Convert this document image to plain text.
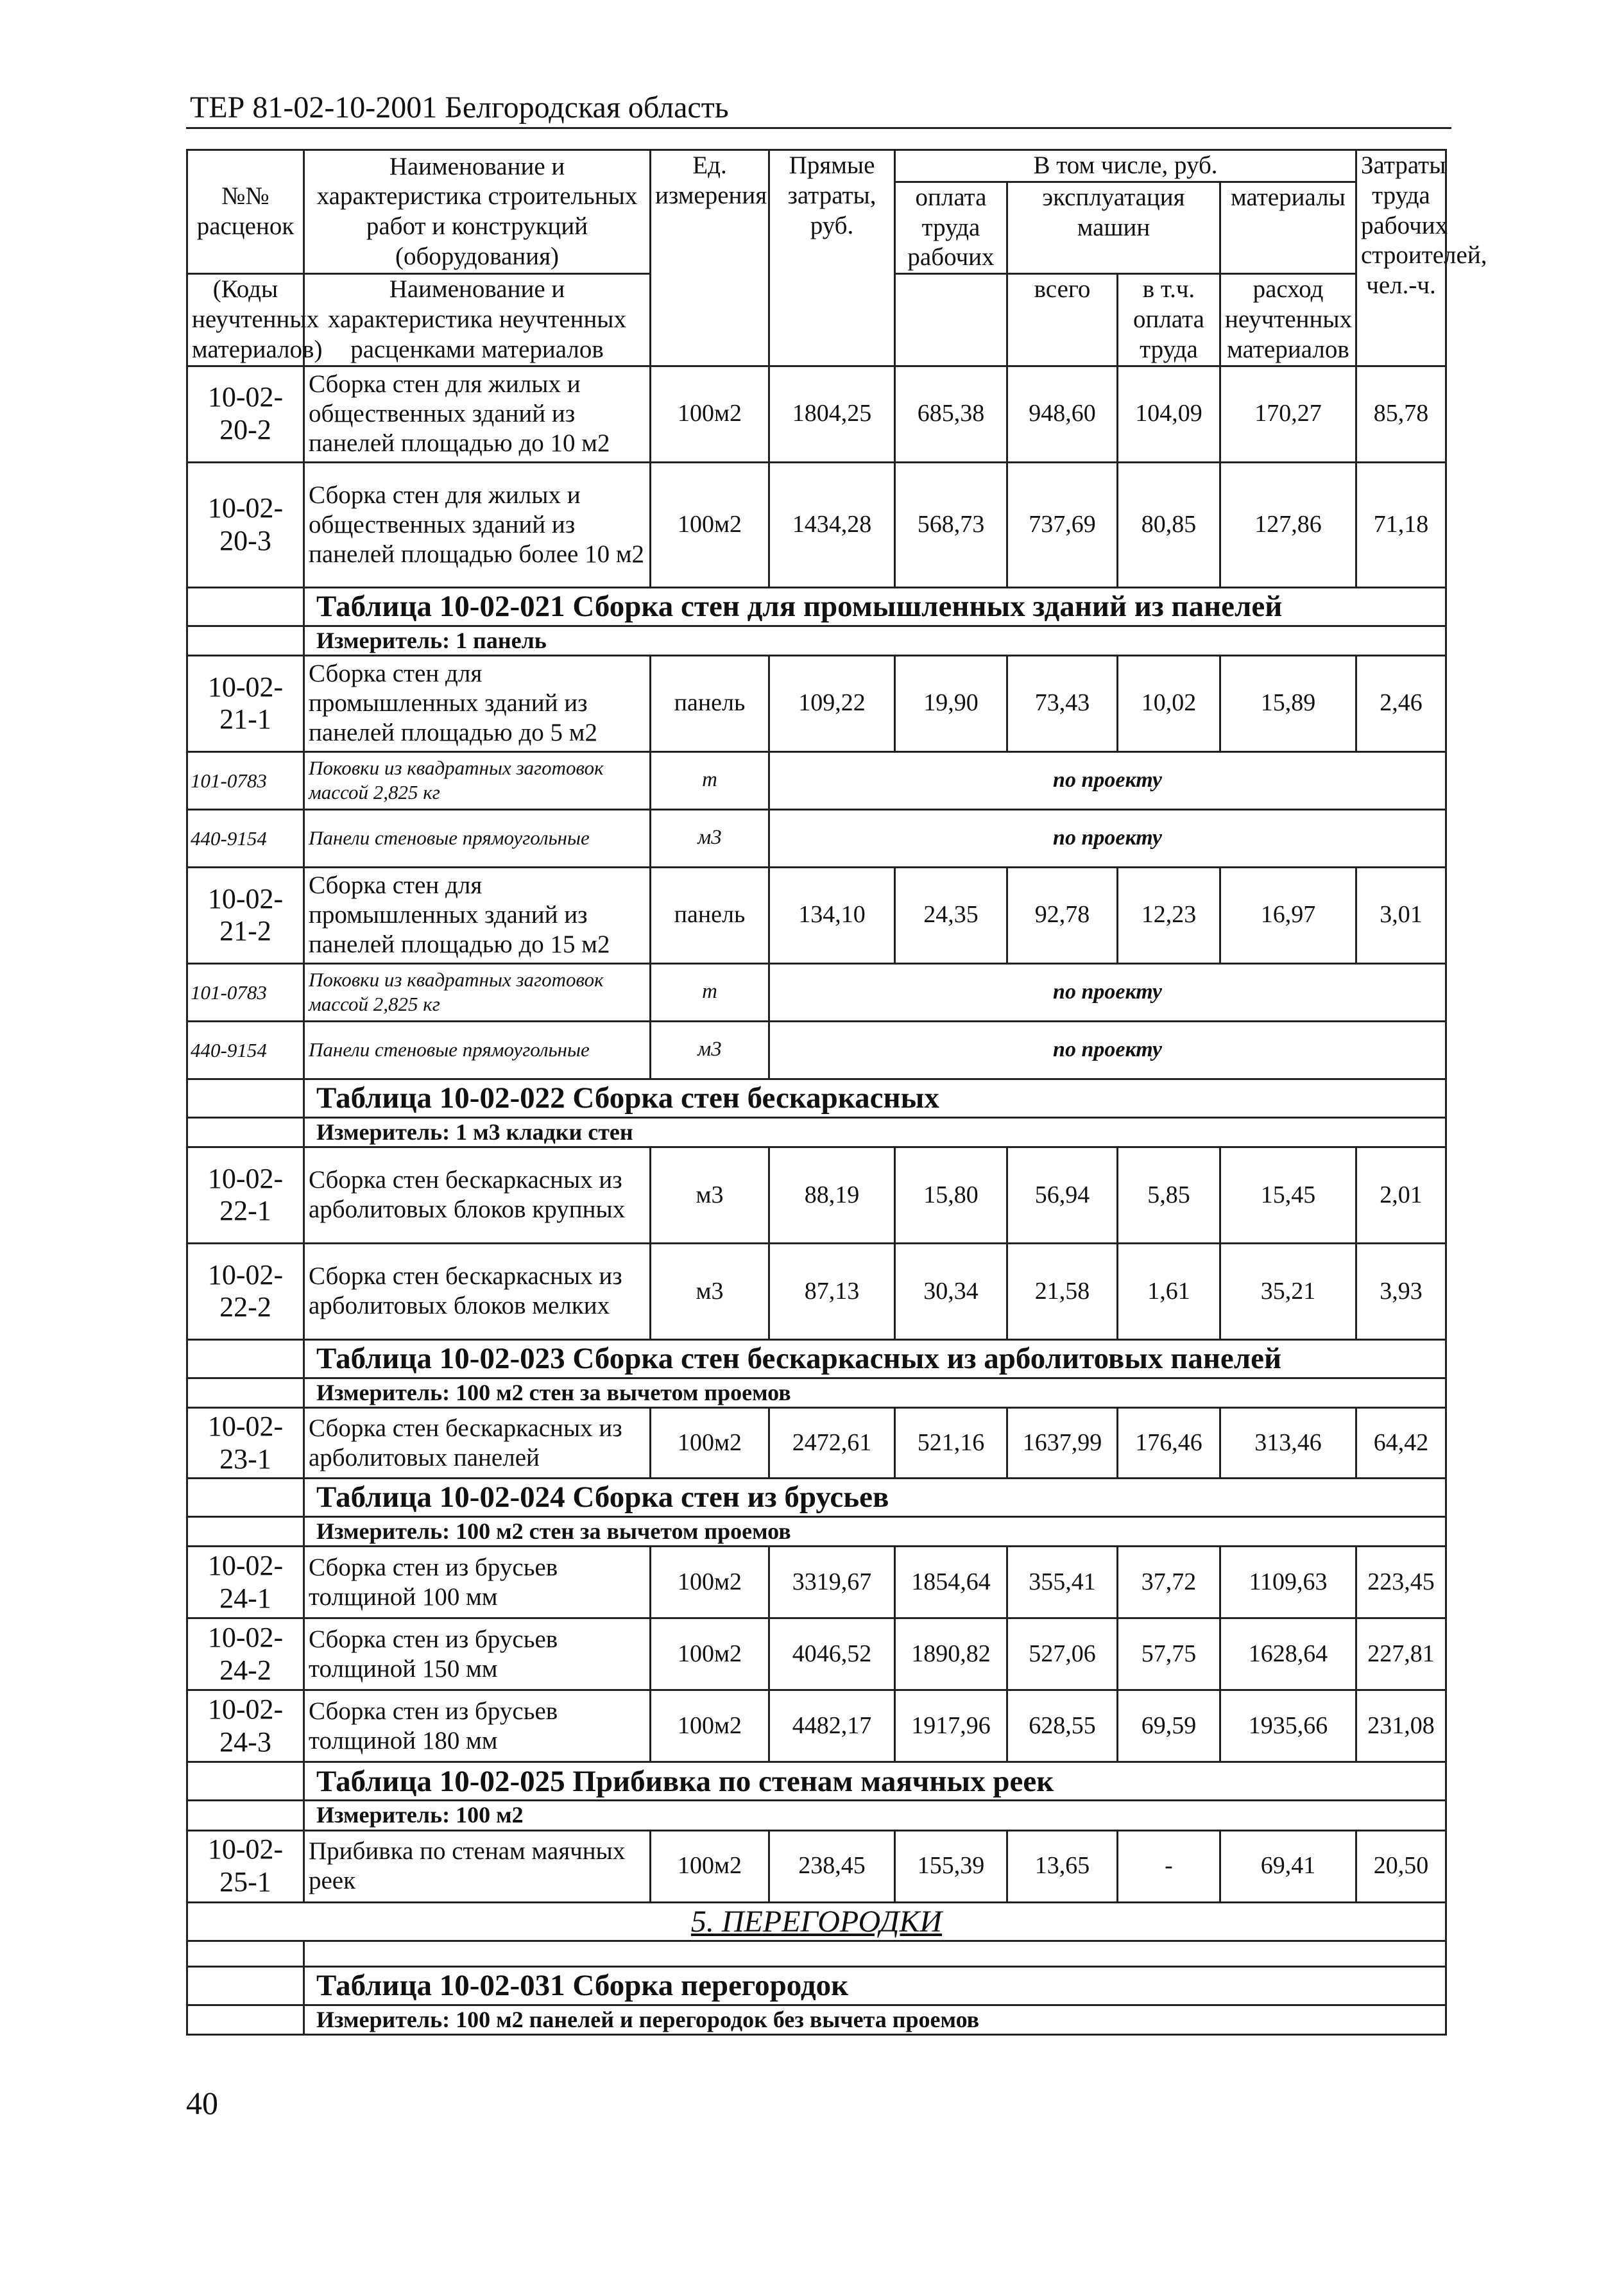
ТЕР 81-02-10-2001 Белгородская область
№№ расценок	Наименование и характеристика строительных работ и конструкций (оборудования)	Ед. измерения	Прямые затраты, руб.	В том числе, руб.				Затраты труда рабочих строителей, чел.-ч.
				оплата труда рабочих	эксплуатация машин		материалы	

(Коды неучтенных материалов)	Наименование и характеристика неучтенных расценками материалов				всего	в т.ч. оплата труда	расход неучтенных материалов	

10-02-20-2	Сборка стен для жилых и общественных зданий из панелей площадью до 10 м2	100м2	1804,25	685,38	948,60	104,09	170,27	85,78
10-02-20-3	Сборка стен для жилых и общественных зданий из панелей площадью более 10 м2	100м2	1434,28	568,73	737,69	80,85	127,86	71,18
	Таблица 10-02-021 Сборка стен для промышленных зданий из панелей							
	Измеритель: 1 панель							
10-02-21-1	Сборка стен для промышленных зданий из панелей площадью до 5 м2	панель	109,22	19,90	73,43	10,02	15,89	2,46
101-0783	Поковки из квадратных заготовок массой 2,825 кг	т	по проекту					
440-9154	Панели стеновые прямоугольные	м3	по проекту					
10-02-21-2	Сборка стен для промышленных зданий из панелей площадью до 15 м2	панель	134,10	24,35	92,78	12,23	16,97	3,01
101-0783	Поковки из квадратных заготовок массой 2,825 кг	т	по проекту					
440-9154	Панели стеновые прямоугольные	м3	по проекту					
	Таблица 10-02-022 Сборка стен бескаркасных							
	Измеритель: 1 м3 кладки стен							
10-02-22-1	Сборка стен бескаркасных из арболитовых блоков крупных	м3	88,19	15,80	56,94	5,85	15,45	2,01
10-02-22-2	Сборка стен бескаркасных из арболитовых блоков мелких	м3	87,13	30,34	21,58	1,61	35,21	3,93
	Таблица 10-02-023 Сборка стен бескаркасных из арболитовых панелей							
	Измеритель: 100 м2 стен за вычетом проемов							
10-02-23-1	Сборка стен бескаркасных из арболитовых панелей	100м2	2472,61	521,16	1637,99	176,46	313,46	64,42
	Таблица 10-02-024 Сборка стен из брусьев							
	Измеритель: 100 м2 стен за вычетом проемов							
10-02-24-1	Сборка стен из брусьев толщиной 100 мм	100м2	3319,67	1854,64	355,41	37,72	1109,63	223,45
10-02-24-2	Сборка стен из брусьев толщиной 150 мм	100м2	4046,52	1890,82	527,06	57,75	1628,64	227,81
10-02-24-3	Сборка стен из брусьев толщиной 180 мм	100м2	4482,17	1917,96	628,55	69,59	1935,66	231,08
	Таблица 10-02-025 Прибивка по стенам маячных реек							
	Измеритель: 100 м2							
10-02-25-1	Прибивка по стенам маячных реек	100м2	238,45	155,39	13,65	-	69,41	20,50
5. ПЕРЕГОРОДКИ								

	Таблица 10-02-031 Сборка перегородок							
	Измеритель: 100 м2 панелей и перегородок без вычета проемов							
40
